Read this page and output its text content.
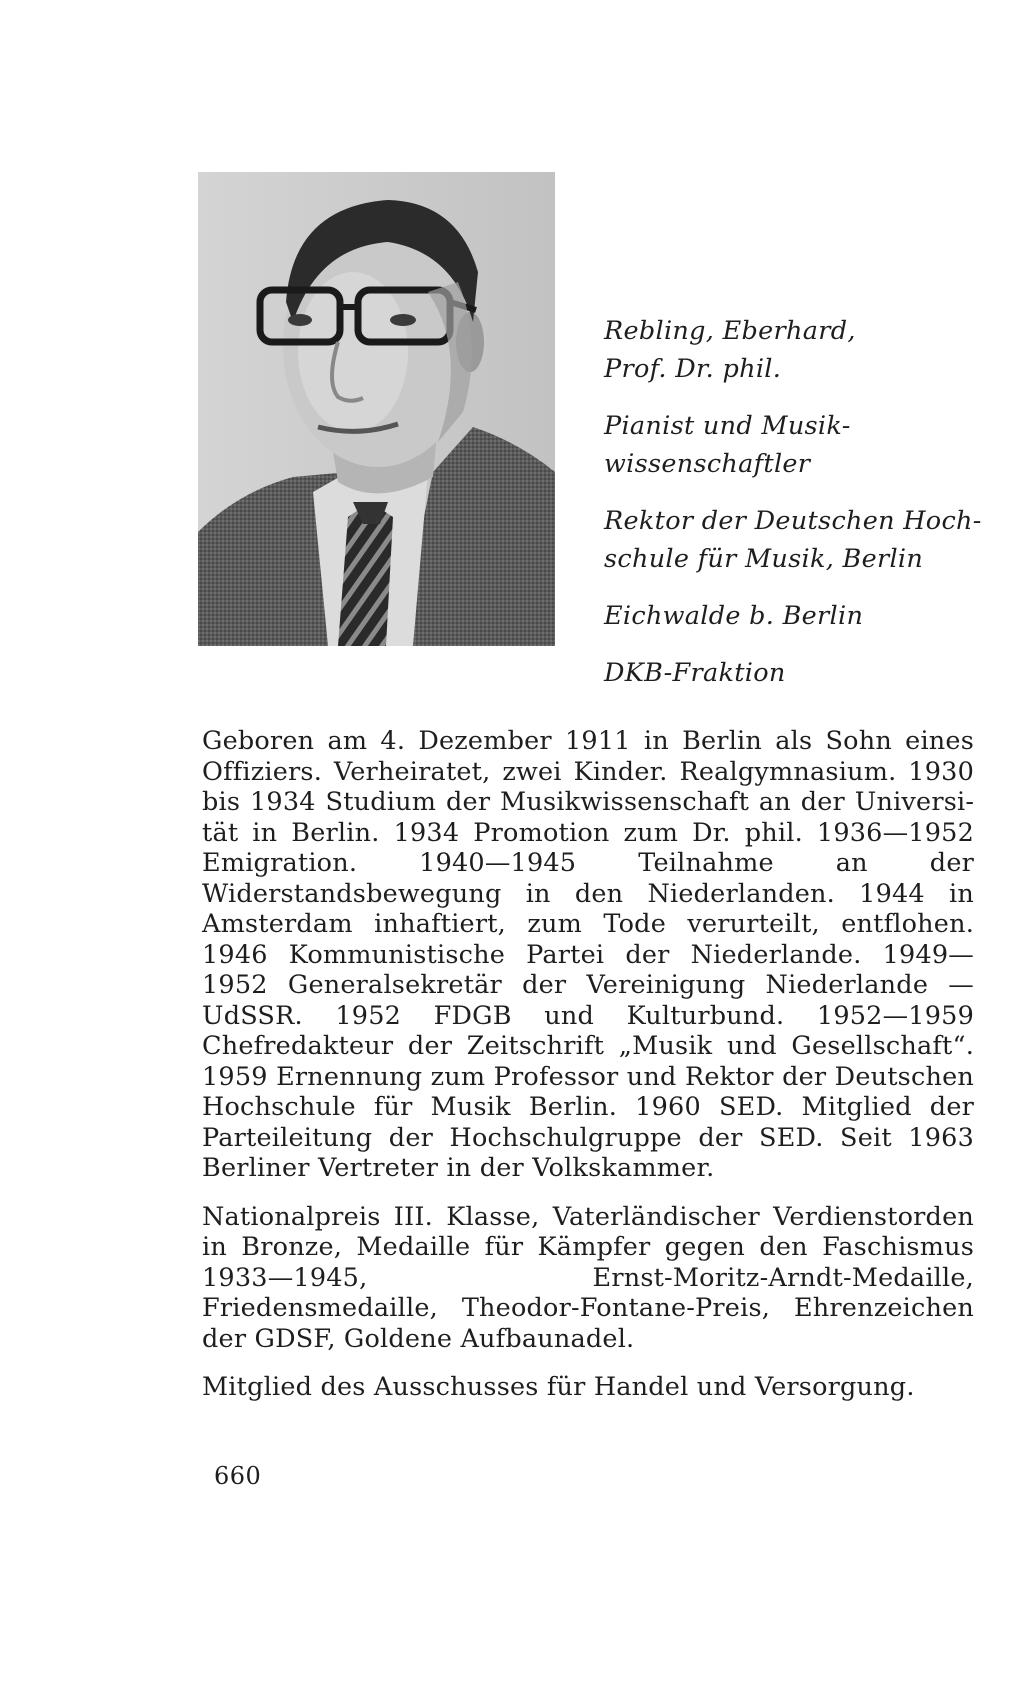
Rebling, Eberhard,

Prof. Dr. phil.

Pianist und Musik-
wissenschaftler

Rektor der Deutschen Hoch-
schule für Musik, Berlin

Eichwalde b. Berlin

DKB-Fraktion

Geboren am 4. Dezember 1911 in Berlin als Sohn eines Offiziers. Verheiratet, zwei Kinder. Realgymnasium. 1930 bis 1934 Studium der Musikwissenschaft an der Universität in Berlin. 1934 Promotion zum Dr. phil. 1936—1952 Emigration. 1940—1945 Teilnahme an der Widerstandsbewegung in den Niederlanden. 1944 in Amsterdam inhaftiert, zum Tode verurteilt, entflohen. 1946 Kommunistische Partei der Niederlande. 1949—1952 Generalsekretär der Vereinigung Niederlande — UdSSR. 1952 FDGB und Kulturbund. 1952—1959 Chefredakteur der Zeitschrift „Musik und Gesellschaft“. 1959 Ernennung zum Professor und Rektor der Deutschen Hochschule für Musik Berlin. 1960 SED. Mitglied der Parteileitung der Hochschulgruppe der SED. Seit 1963 Berliner Vertreter in der Volkskammer.

Nationalpreis III. Klasse, Vaterländischer Verdienstorden in Bronze, Medaille für Kämpfer gegen den Faschismus 1933—1945, Ernst-Moritz-Arndt-Medaille, Friedensmedaille, Theodor-Fontane-Preis, Ehrenzeichen der GDSF, Goldene Aufbaunadel.

Mitglied des Ausschusses für Handel und Versorgung.

660
